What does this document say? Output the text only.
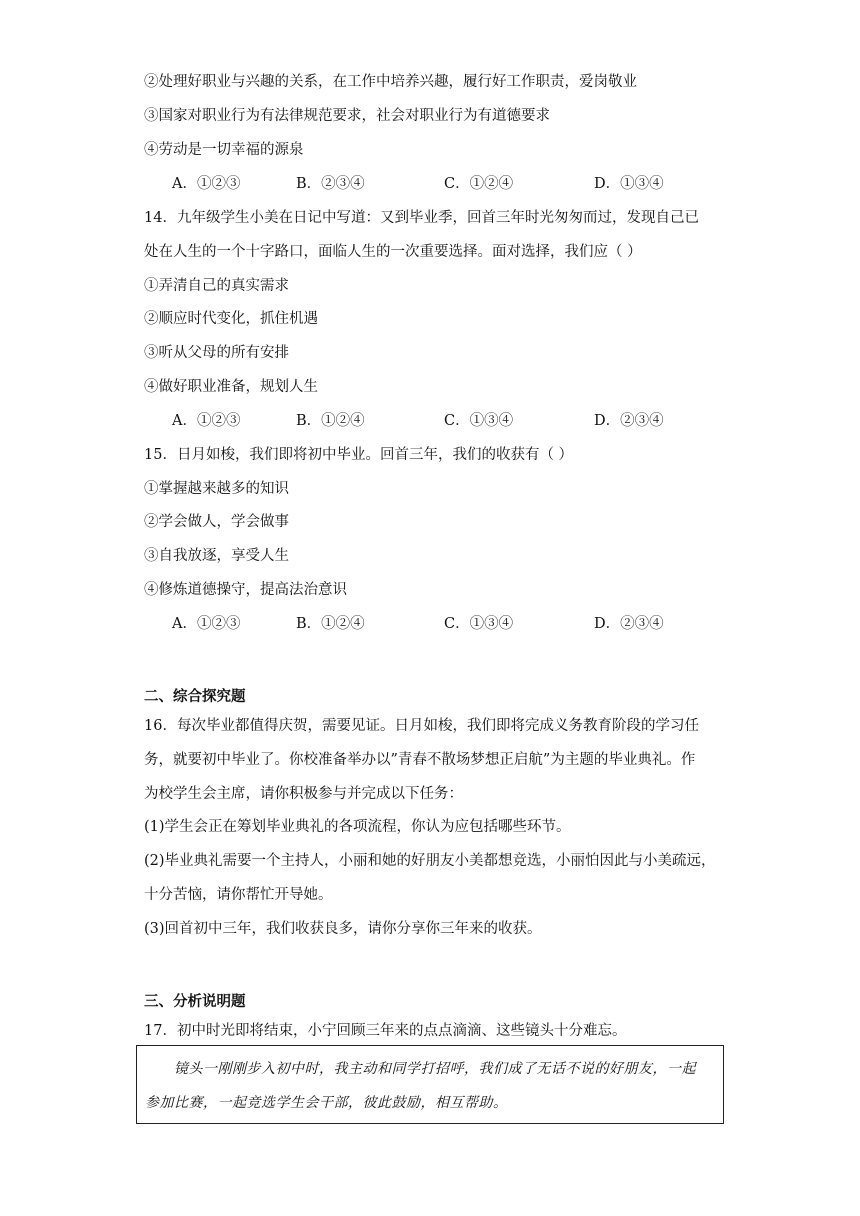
②处理好职业与兴趣的关系，在工作中培养兴趣，履行好工作职责，爱岗敬业
③国家对职业行为有法律规范要求，社会对职业行为有道德要求
④劳动是一切幸福的源泉
A．①②③	B．②③④	C．①②④	D．①③④
14．九年级学生小美在日记中写道：又到毕业季，回首三年时光匆匆而过，发现自己已
处在人生的一个十字路口，面临人生的一次重要选择。面对选择，我们应（ ）
①弄清自己的真实需求
②顺应时代变化，抓住机遇
③听从父母的所有安排
④做好职业准备，规划人生
A．①②③	B．①②④	C．①③④	D．②③④
15．日月如梭，我们即将初中毕业。回首三年，我们的收获有（ ）
①掌握越来越多的知识
②学会做人，学会做事
③自我放逐，享受人生
④修炼道德操守，提高法治意识
A．①②③	B．①②④	C．①③④	D．②③④
二、综合探究题
16．每次毕业都值得庆贺，需要见证。日月如梭，我们即将完成义务教育阶段的学习任
务，就要初中毕业了。你校准备举办以”青春不散场梦想正启航”为主题的毕业典礼。作
为校学生会主席，请你积极参与并完成以下任务：
(1)学生会正在筹划毕业典礼的各项流程，你认为应包括哪些环节。
(2)毕业典礼需要一个主持人，小丽和她的好朋友小美都想竞选，小丽怕因此与小美疏远，
十分苦恼，请你帮忙开导她。
(3)回首初中三年，我们收获良多，请你分享你三年来的收获。
三、分析说明题
17．初中时光即将结束，小宁回顾三年来的点点滴滴、这些镜头十分难忘。
镜头一刚刚步入初中时，我主动和同学打招呼，我们成了无话不说的好朋友，一起
参加比赛，一起竞选学生会干部，彼此鼓励，相互帮助。
